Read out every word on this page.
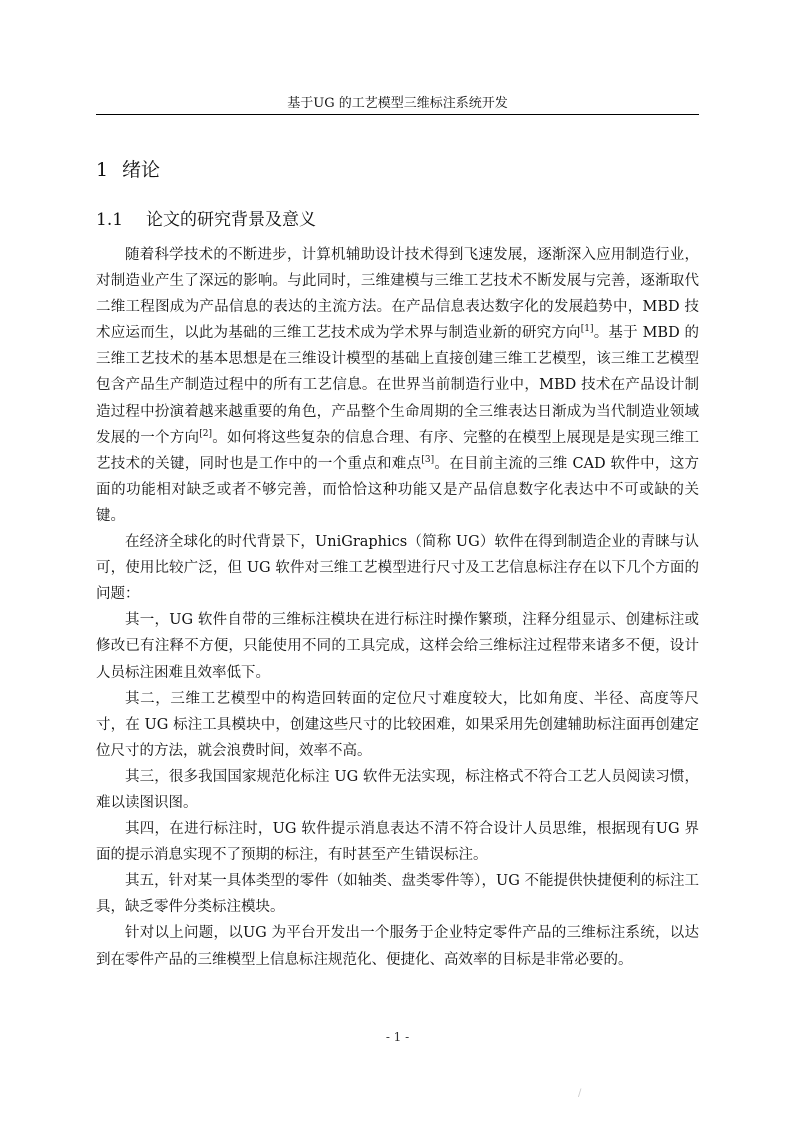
基于UG 的工艺模型三维标注系统开发
1 绪论
1.1 论文的研究背景及意义

随着科学技术的不断进步，计算机辅助设计技术得到飞速发展，逐渐深入应用制造行业，对制造业产生了深远的影响。与此同时，三维建模与三维工艺技术不断发展与完善，逐渐取代二维工程图成为产品信息的表达的主流方法。在产品信息表达数字化的发展趋势中，MBD 技术应运而生，以此为基础的三维工艺技术成为学术界与制造业新的研究方向[1]。基于 MBD 的三维工艺技术的基本思想是在三维设计模型的基础上直接创建三维工艺模型，该三维工艺模型包含产品生产制造过程中的所有工艺信息。在世界当前制造行业中，MBD 技术在产品设计制造过程中扮演着越来越重要的角色，产品整个生命周期的全三维表达日渐成为当代制造业领域发展的一个方向[2]。如何将这些复杂的信息合理、有序、完整的在模型上展现是是实现三维工艺技术的关键，同时也是工作中的一个重点和难点[3]。在目前主流的三维 CAD 软件中，这方面的功能相对缺乏或者不够完善，而恰恰这种功能又是产品信息数字化表达中不可或缺的关键。

在经济全球化的时代背景下，UniGraphics（简称 UG）软件在得到制造企业的青睐与认可，使用比较广泛，但 UG 软件对三维工艺模型进行尺寸及工艺信息标注存在以下几个方面的问题：

其一，UG 软件自带的三维标注模块在进行标注时操作繁琐，注释分组显示、创建标注或修改已有注释不方便，只能使用不同的工具完成，这样会给三维标注过程带来诸多不便，设计人员标注困难且效率低下。

其二，三维工艺模型中的构造回转面的定位尺寸难度较大，比如角度、半径、高度等尺寸，在 UG 标注工具模块中，创建这些尺寸的比较困难，如果采用先创建辅助标注面再创建定位尺寸的方法，就会浪费时间，效率不高。

其三，很多我国国家规范化标注 UG 软件无法实现，标注格式不符合工艺人员阅读习惯，难以读图识图。

其四，在进行标注时，UG 软件提示消息表达不清不符合设计人员思维，根据现有UG 界面的提示消息实现不了预期的标注，有时甚至产生错误标注。

其五，针对某一具体类型的零件（如轴类、盘类零件等），UG 不能提供快捷便利的标注工具，缺乏零件分类标注模块。

针对以上问题，以UG 为平台开发出一个服务于企业特定零件产品的三维标注系统，以达到在零件产品的三维模型上信息标注规范化、便捷化、高效率的目标是非常必要的。

- 1 -
/
